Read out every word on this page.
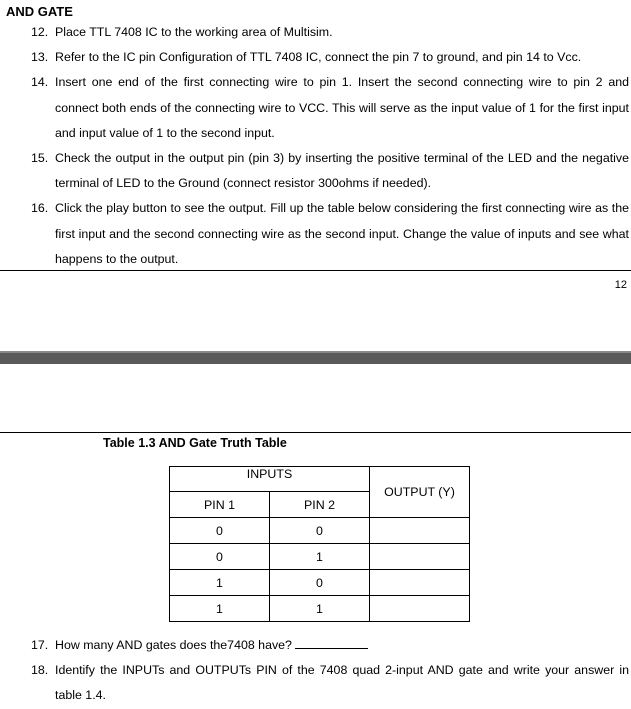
AND GATE
12. Place TTL 7408 IC to the working area of Multisim.
13. Refer to the IC pin Configuration of TTL 7408 IC, connect the pin 7 to ground, and pin 14 to Vcc.
14. Insert one end of the first connecting wire to pin 1. Insert the second connecting wire to pin 2 and connect both ends of the connecting wire to VCC. This will serve as the input value of 1 for the first input and input value of 1 to the second input.
15. Check the output in the output pin (pin 3) by inserting the positive terminal of the LED and the negative terminal of LED to the Ground (connect resistor 300ohms if needed).
16. Click the play button to see the output. Fill up the table below considering the first connecting wire as the first input and the second connecting wire as the second input. Change the value of inputs and see what happens to the output.
12
Table 1.3 AND Gate Truth Table
INPUTS		OUTPUT (Y)
PIN 1	PIN 2	
0	0	
0	1	
1	0	
1	1	
17. How many AND gates does the7408 have?
18. Identify the INPUTs and OUTPUTs PIN of the 7408 quad 2-input AND gate and write your answer in table 1.4.
